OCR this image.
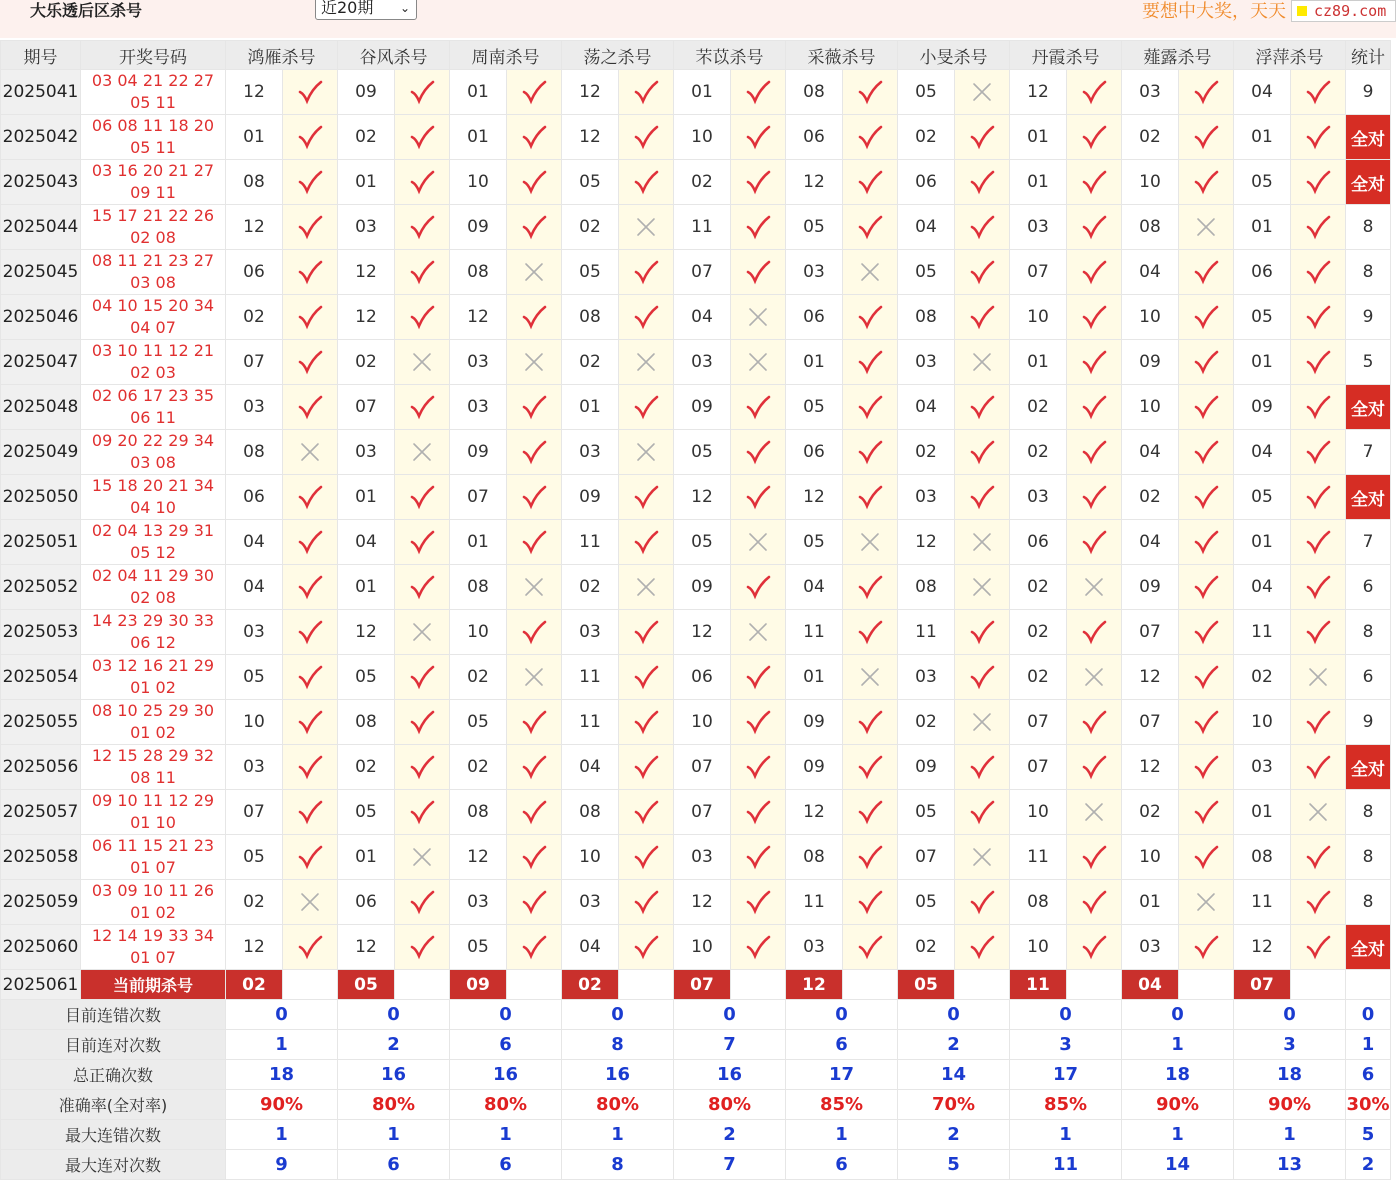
大乐透后区杀号	近20期 ⌄	要想中大奖，天天	cz89.com
期号	开奖号码	鸿雁杀号		谷风杀号		周南杀号		荡之杀号		芣苡杀号		采薇杀号		小旻杀号		丹霞杀号		薤露杀号		浮萍杀号		统计
2025041	03 04 21 22 27
05 11	12		09		01		12		01		08		05		12		03		04		9
2025042	06 08 11 18 20
05 11	01		02		01		12		10		06		02		01		02		01		全对
2025043	03 16 20 21 27
09 11	08		01		10		05		02		12		06		01		10		05		全对
2025044	15 17 21 22 26
02 08	12		03		09		02		11		05		04		03		08		01		8
2025045	08 11 21 23 27
03 08	06		12		08		05		07		03		05		07		04		06		8
2025046	04 10 15 20 34
04 07	02		12		12		08		04		06		08		10		10		05		9
2025047	03 10 11 12 21
02 03	07		02		03		02		03		01		03		01		09		01		5
2025048	02 06 17 23 35
06 11	03		07		03		01		09		05		04		02		10		09		全对
2025049	09 20 22 29 34
03 08	08		03		09		03		05		06		02		02		04		04		7
2025050	15 18 20 21 34
04 10	06		01		07		09		12		12		03		03		02		05		全对
2025051	02 04 13 29 31
05 12	04		04		01		11		05		05		12		06		04		01		7
2025052	02 04 11 29 30
02 08	04		01		08		02		09		04		08		02		09		04		6
2025053	14 23 29 30 33
06 12	03		12		10		03		12		11		11		02		07		11		8
2025054	03 12 16 21 29
01 02	05		05		02		11		06		01		03		02		12		02		6
2025055	08 10 25 29 30
01 02	10		08		05		11		10		09		02		07		07		10		9
2025056	12 15 28 29 32
08 11	03		02		02		04		07		09		09		07		12		03		全对
2025057	09 10 11 12 29
01 10	07		05		08		08		07		12		05		10		02		01		8
2025058	06 11 15 21 23
01 07	05		01		12		10		03		08		07		11		10		08		8
2025059	03 09 10 11 26
01 02	02		06		03		03		12		11		05		08		01		11		8
2025060	12 14 19 33 34
01 07	12		12		05		04		10		03		02		10		03		12		全对
2025061	当前期杀号	02		05		09		02		07		12		05		11		04		07		
目前连错次数		0		0		0		0		0		0		0		0		0		0		0
目前连对次数		1		2		6		8		7		6		2		3		1		3		1
总正确次数		18		16		16		16		16		17		14		17		18		18		6
准确率(全对率)		90%		80%		80%		80%		80%		85%		70%		85%		90%		90%		30%
最大连错次数		1		1		1		1		2		1		2		1		1		1		5
最大连对次数		9		6		6		8		7		6		5		11		14		13		2
